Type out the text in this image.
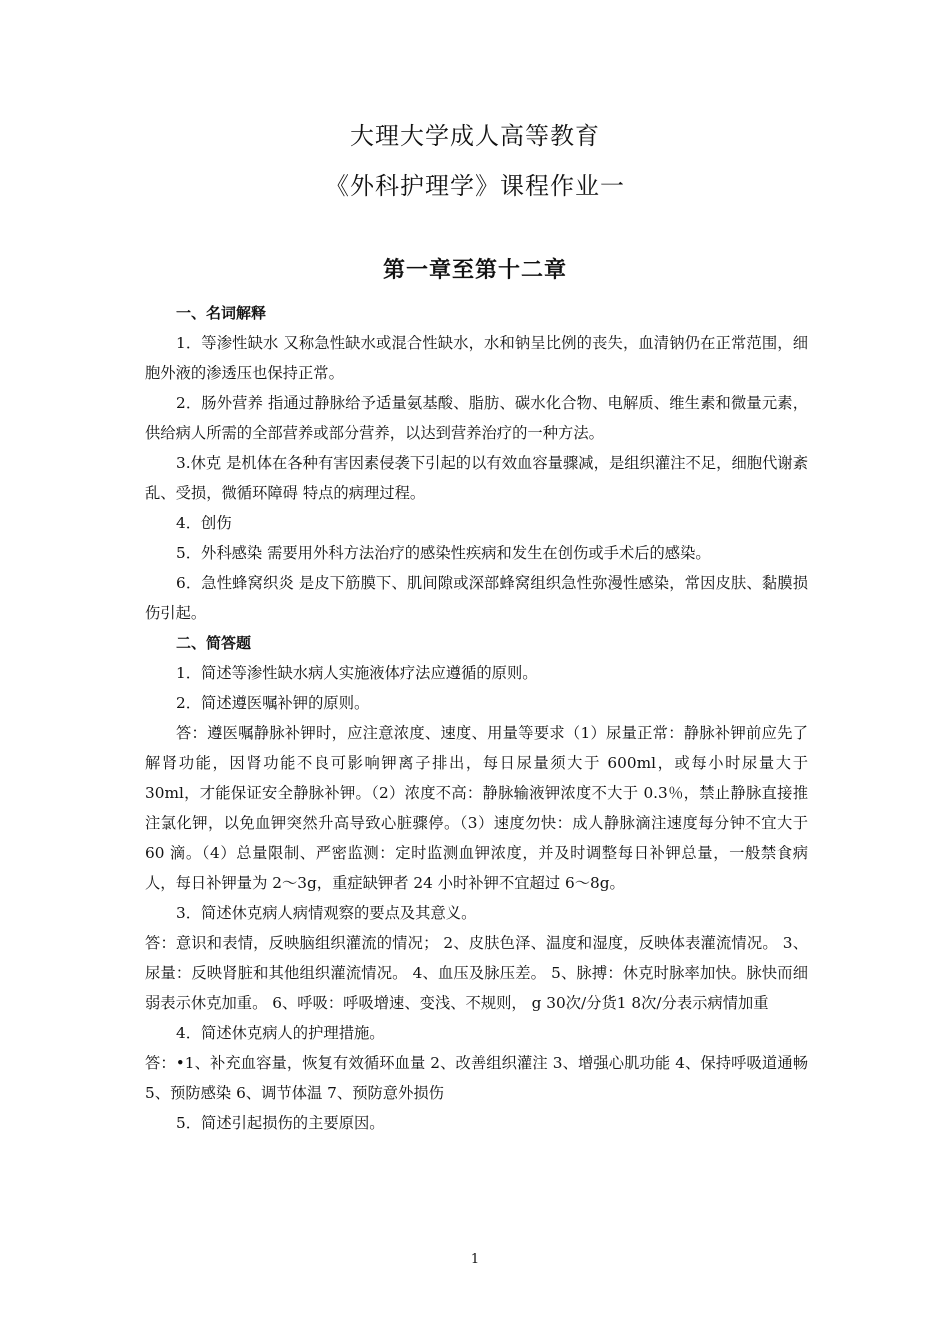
大理大学成人高等教育
《外科护理学》课程作业一
第一章至第十二章

一、名词解释

1．等渗性缺水 又称急性缺水或混合性缺水，水和钠呈比例的丧失，血清钠仍在正常范围，细胞外液的渗透压也保持正常。

2．肠外营养 指通过静脉给予适量氨基酸、脂肪、碳水化合物、电解质、维生素和微量元素，供给病人所需的全部营养或部分营养，以达到营养治疗的一种方法。

3.休克 是机体在各种有害因素侵袭下引起的以有效血容量骤减，是组织灌注不足，细胞代谢紊乱、受损，微循环障碍 特点的病理过程。

4．创伤

5．外科感染 需要用外科方法治疗的感染性疾病和发生在创伤或手术后的感染。

6．急性蜂窝织炎 是皮下筋膜下、肌间隙或深部蜂窝组织急性弥漫性感染，常因皮肤、黏膜损伤引起。

二、简答题

1．简述等渗性缺水病人实施液体疗法应遵循的原则。

2．简述遵医嘱补钾的原则。

答：遵医嘱静脉补钾时，应注意浓度、速度、用量等要求（1）尿量正常：静脉补钾前应先了解肾功能，因肾功能不良可影响钾离子排出，每日尿量须大于 600ml，或每小时尿量大于 30ml，才能保证安全静脉补钾。（2）浓度不高：静脉输液钾浓度不大于 0.3％，禁止静脉直接推注氯化钾，以免血钾突然升高导致心脏骤停。（3）速度勿快：成人静脉滴注速度每分钟不宜大于 60 滴。（4）总量限制、严密监测：定时监测血钾浓度，并及时调整每日补钾总量，一般禁食病人，每日补钾量为 2～3g，重症缺钾者 24 小时补钾不宜超过 6～8g。

3．简述休克病人病情观察的要点及其意义。

答：意识和表情，反映脑组织灌流的情况； 2、皮肤色泽、温度和湿度，反映体表灌流情况。 3、尿量：反映肾脏和其他组织灌流情况。 4、血压及脉压差。 5、脉搏：休克时脉率加快。脉快而细弱表示休克加重。 6、呼吸：呼吸增速、变浅、不规则， g 30次/分货1 8次/分表示病情加重

4．简述休克病人的护理措施。

答：•1、补充血容量，恢复有效循环血量 2、改善组织灌注 3、增强心肌功能 4、保持呼吸道通畅 5、预防感染 6、调节体温 7、预防意外损伤

5．简述引起损伤的主要原因。

1
